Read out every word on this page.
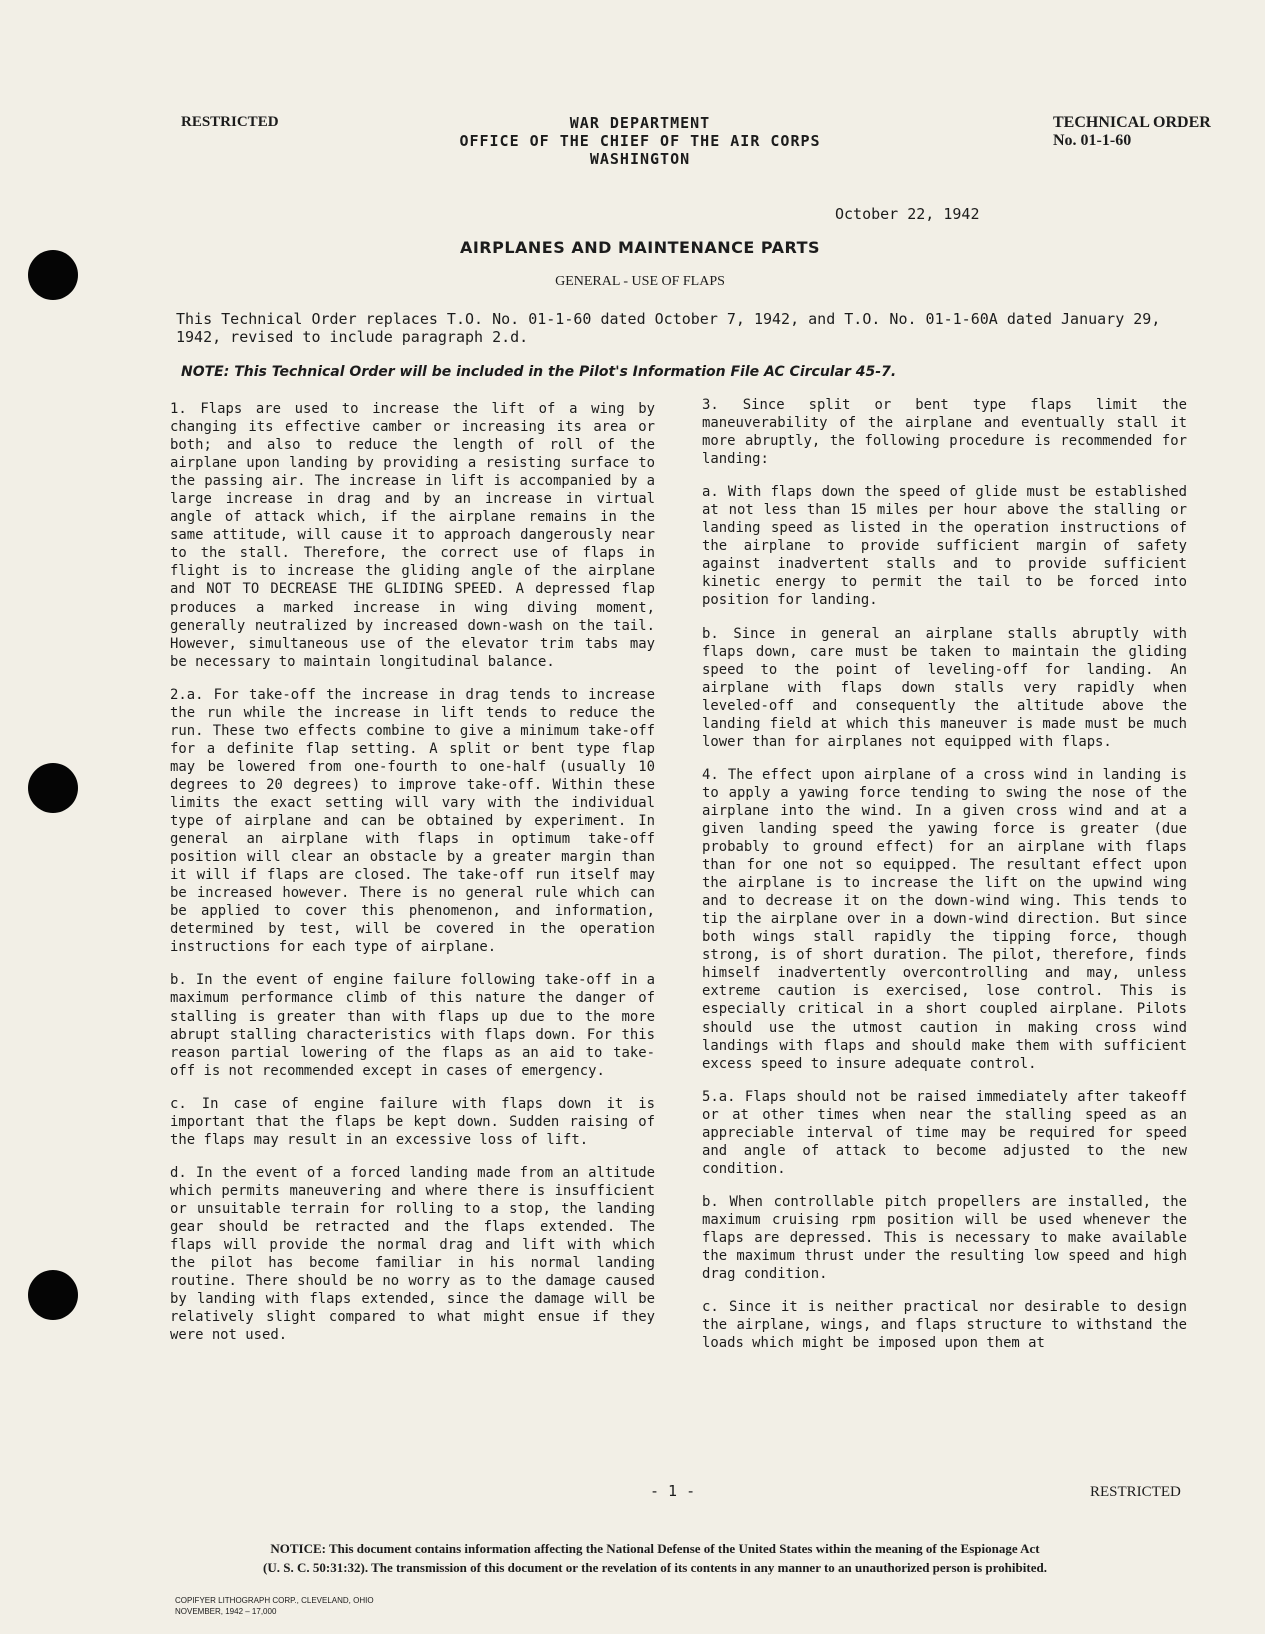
RESTRICTED	WAR DEPARTMENT
OFFICE OF THE CHIEF OF THE AIR CORPS
WASHINGTON
TECHNICAL ORDER
No. 01-1-60
October 22, 1942
AIRPLANES AND MAINTENANCE PARTS
GENERAL - USE OF FLAPS
This Technical Order replaces T.O. No. 01-1-60 dated October 7, 1942, and T.O. No. 01-1-60A dated January 29, 1942, revised to include paragraph 2.d.
NOTE: This Technical Order will be included in the Pilot's Information File AC Circular 45-7.

1. Flaps are used to increase the lift of a wing by changing its effective camber or increasing its area or both; and also to reduce the length of roll of the airplane upon landing by providing a resisting surface to the passing air. The increase in lift is accompanied by a large increase in drag and by an increase in virtual angle of attack which, if the airplane remains in the same attitude, will cause it to approach dangerously near to the stall. Therefore, the correct use of flaps in flight is to increase the gliding angle of the airplane and NOT TO DECREASE THE GLIDING SPEED. A depressed flap produces a marked increase in wing diving moment, generally neutralized by increased down-wash on the tail. However, simultaneous use of the elevator trim tabs may be necessary to maintain longitudinal balance.

2.a. For take-off the increase in drag tends to increase the run while the increase in lift tends to reduce the run. These two effects combine to give a minimum take-off for a definite flap setting. A split or bent type flap may be lowered from one-fourth to one-half (usually 10 degrees to 20 degrees) to improve take-off. Within these limits the exact setting will vary with the individual type of airplane and can be obtained by experiment. In general an airplane with flaps in optimum take-off position will clear an obstacle by a greater margin than it will if flaps are closed. The take-off run itself may be increased however. There is no general rule which can be applied to cover this phenomenon, and information, determined by test, will be covered in the operation instructions for each type of airplane.

b. In the event of engine failure following take-off in a maximum performance climb of this nature the danger of stalling is greater than with flaps up due to the more abrupt stalling characteristics with flaps down. For this reason partial lowering of the flaps as an aid to take-off is not recommended except in cases of emergency.

c. In case of engine failure with flaps down it is important that the flaps be kept down. Sudden raising of the flaps may result in an excessive loss of lift.

d. In the event of a forced landing made from an altitude which permits maneuvering and where there is insufficient or unsuitable terrain for rolling to a stop, the landing gear should be retracted and the flaps extended. The flaps will provide the normal drag and lift with which the pilot has become familiar in his normal landing routine. There should be no worry as to the damage caused by landing with flaps extended, since the damage will be relatively slight compared to what might ensue if they were not used.

3. Since split or bent type flaps limit the maneuverability of the airplane and eventually stall it more abruptly, the following procedure is recommended for landing:

a. With flaps down the speed of glide must be established at not less than 15 miles per hour above the stalling or landing speed as listed in the operation instructions of the airplane to provide sufficient margin of safety against inadvertent stalls and to provide sufficient kinetic energy to permit the tail to be forced into position for landing.

b. Since in general an airplane stalls abruptly with flaps down, care must be taken to maintain the gliding speed to the point of leveling-off for landing. An airplane with flaps down stalls very rapidly when leveled-off and consequently the altitude above the landing field at which this maneuver is made must be much lower than for airplanes not equipped with flaps.

4. The effect upon airplane of a cross wind in landing is to apply a yawing force tending to swing the nose of the airplane into the wind. In a given cross wind and at a given landing speed the yawing force is greater (due probably to ground effect) for an airplane with flaps than for one not so equipped. The resultant effect upon the airplane is to increase the lift on the upwind wing and to decrease it on the down-wind wing. This tends to tip the airplane over in a down-wind direction. But since both wings stall rapidly the tipping force, though strong, is of short duration. The pilot, therefore, finds himself inadvertently overcontrolling and may, unless extreme caution is exercised, lose control. This is especially critical in a short coupled airplane. Pilots should use the utmost caution in making cross wind landings with flaps and should make them with sufficient excess speed to insure adequate control.

5.a. Flaps should not be raised immediately after takeoff or at other times when near the stalling speed as an appreciable interval of time may be required for speed and angle of attack to become adjusted to the new condition.

b. When controllable pitch propellers are installed, the maximum cruising rpm position will be used whenever the flaps are depressed. This is necessary to make available the maximum thrust under the resulting low speed and high drag condition.

c. Since it is neither practical nor desirable to design the airplane, wings, and flaps structure to withstand the loads which might be imposed upon them at

NOTICE: This document contains information affecting the National Defense of the United States within the meaning of the Espionage Act
(U. S. C. 50:31:32). The transmission of this document or the revelation of its contents in any manner to an unauthorized person is prohibited.
COPIFYER LITHOGRAPH CORP., CLEVELAND, OHIO
NOVEMBER, 1942 – 17,000
- 1 -	RESTRICTED
